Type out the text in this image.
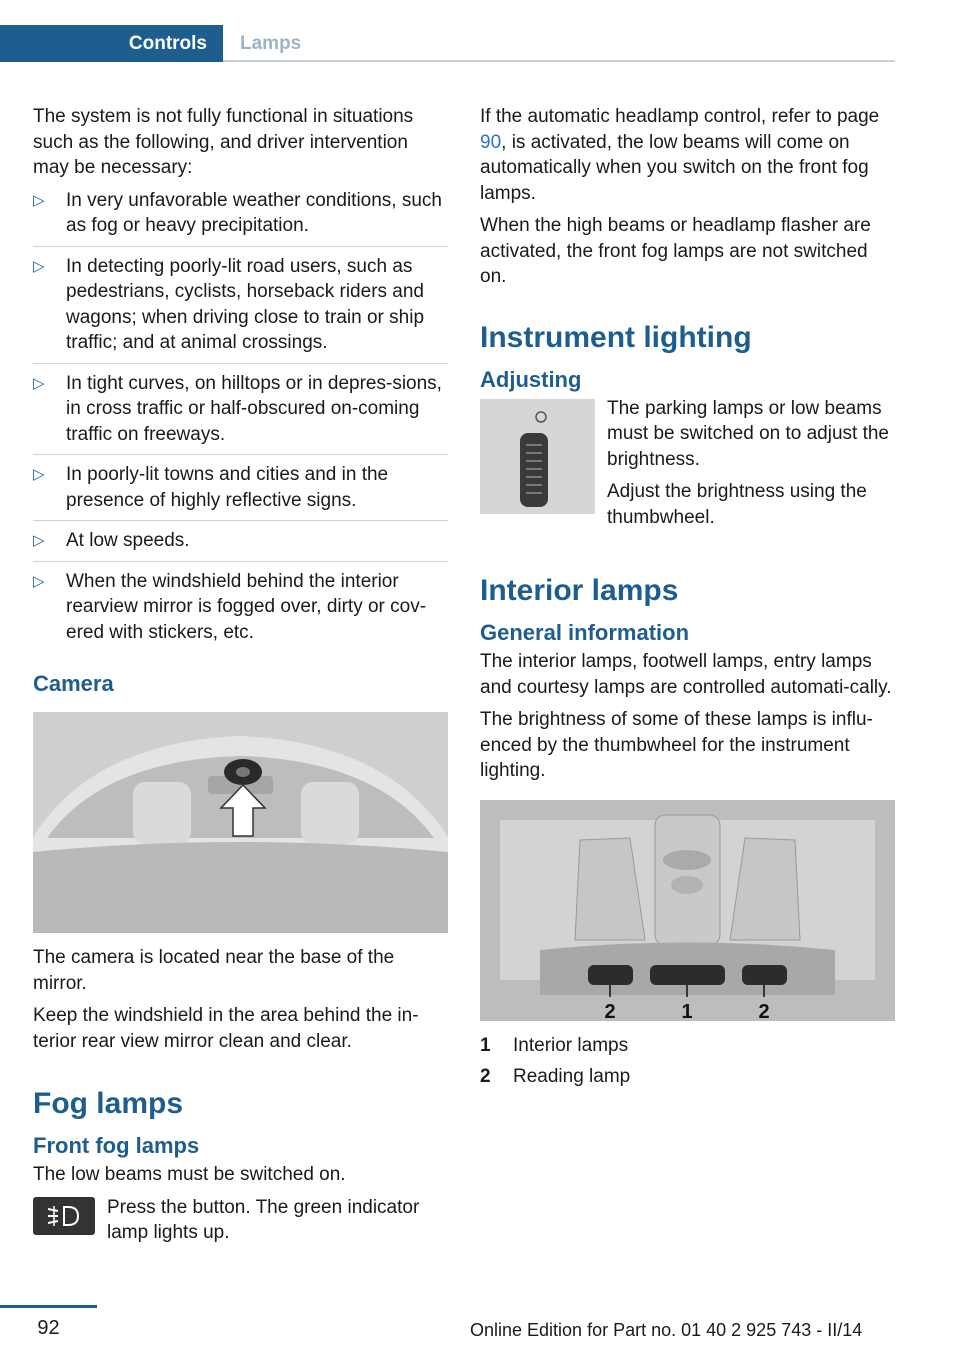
Controls	Lamps

The system is not fully functional in situations such as the following, and driver intervention may be necessary:

▷ In very unfavorable weather conditions, such as fog or heavy precipitation.
▷ In detecting poorly-lit road users, such as pedestrians, cyclists, horseback riders and wagons; when driving close to train or ship traffic; and at animal crossings.
▷ In tight curves, on hilltops or in depres-sions, in cross traffic or half-obscured on-coming traffic on freeways.
▷ In poorly-lit towns and cities and in the presence of highly reflective signs.
▷ At low speeds.
▷ When the windshield behind the interior rearview mirror is fogged over, dirty or cov-ered with stickers, etc.
Camera

The camera is located near the base of the mirror.

Keep the windshield in the area behind the in-terior rear view mirror clean and clear.

Fog lamps
Front fog lamps

The low beams must be switched on.

Press the button. The green indicator lamp lights up.

If the automatic headlamp control, refer to page 90, is activated, the low beams will come on automatically when you switch on the front fog lamps.

When the high beams or headlamp flasher are activated, the front fog lamps are not switched on.

Instrument lighting
Adjusting

The parking lamps or low beams must be switched on to adjust the brightness.

Adjust the brightness using the thumbwheel.

Interior lamps
General information

The interior lamps, footwell lamps, entry lamps and courtesy lamps are controlled automati-cally.

The brightness of some of these lamps is influ-enced by the thumbwheel for the instrument lighting.

2	1	2
1	Interior lamps
2	Reading lamp
92	Online Edition for Part no. 01 40 2 925 743 - II/14
